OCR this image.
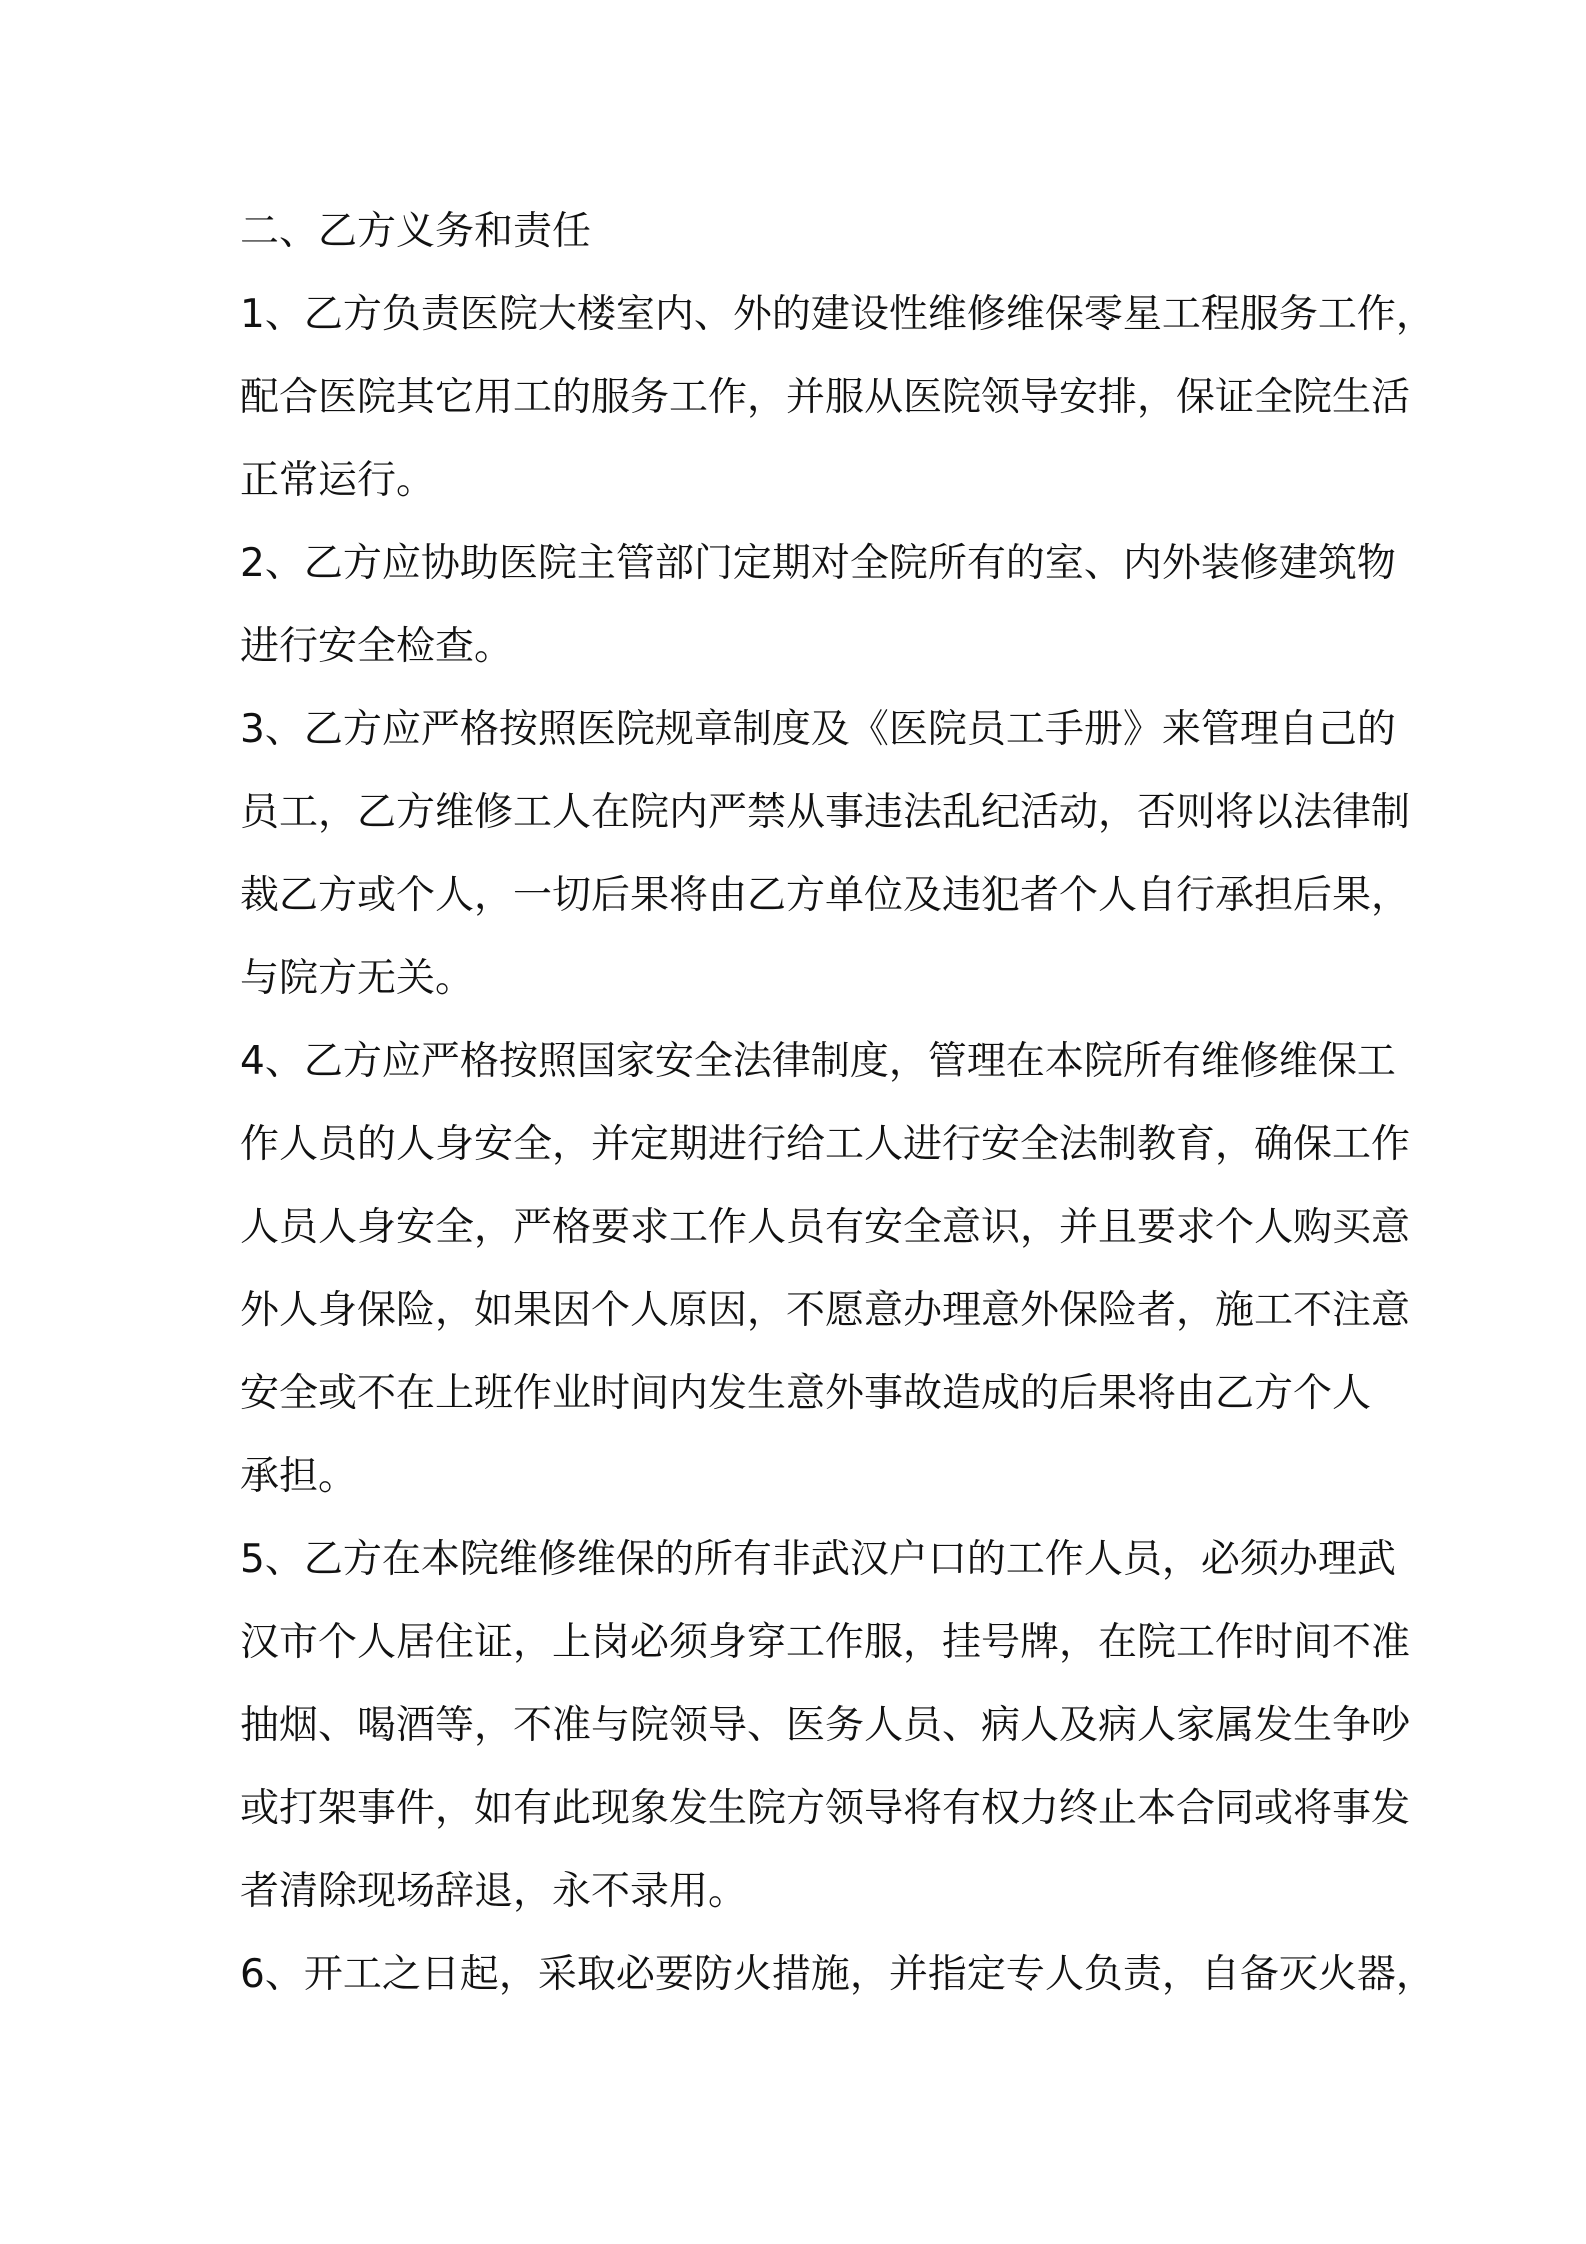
二、乙方义务和责任
1、乙方负责医院大楼室内、外的建设性维修维保零星工程服务工作，
配合医院其它用工的服务工作，并服从医院领导安排，保证全院生活
正常运行。
2、乙方应协助医院主管部门定期对全院所有的室、内外装修建筑物
进行安全检查。
3、乙方应严格按照医院规章制度及《医院员工手册》来管理自己的
员工，乙方维修工人在院内严禁从事违法乱纪活动，否则将以法律制
裁乙方或个人，一切后果将由乙方单位及违犯者个人自行承担后果，
与院方无关。
4、乙方应严格按照国家安全法律制度，管理在本院所有维修维保工
作人员的人身安全，并定期进行给工人进行安全法制教育，确保工作
人员人身安全，严格要求工作人员有安全意识，并且要求个人购买意
外人身保险，如果因个人原因，不愿意办理意外保险者，施工不注意
安全或不在上班作业时间内发生意外事故造成的后果将由乙方个人
承担。
5、乙方在本院维修维保的所有非武汉户口的工作人员，必须办理武
汉市个人居住证，上岗必须身穿工作服，挂号牌，在院工作时间不准
抽烟、喝酒等，不准与院领导、医务人员、病人及病人家属发生争吵
或打架事件，如有此现象发生院方领导将有权力终止本合同或将事发
者清除现场辞退，永不录用。
6、开工之日起，采取必要防火措施，并指定专人负责，自备灭火器，
